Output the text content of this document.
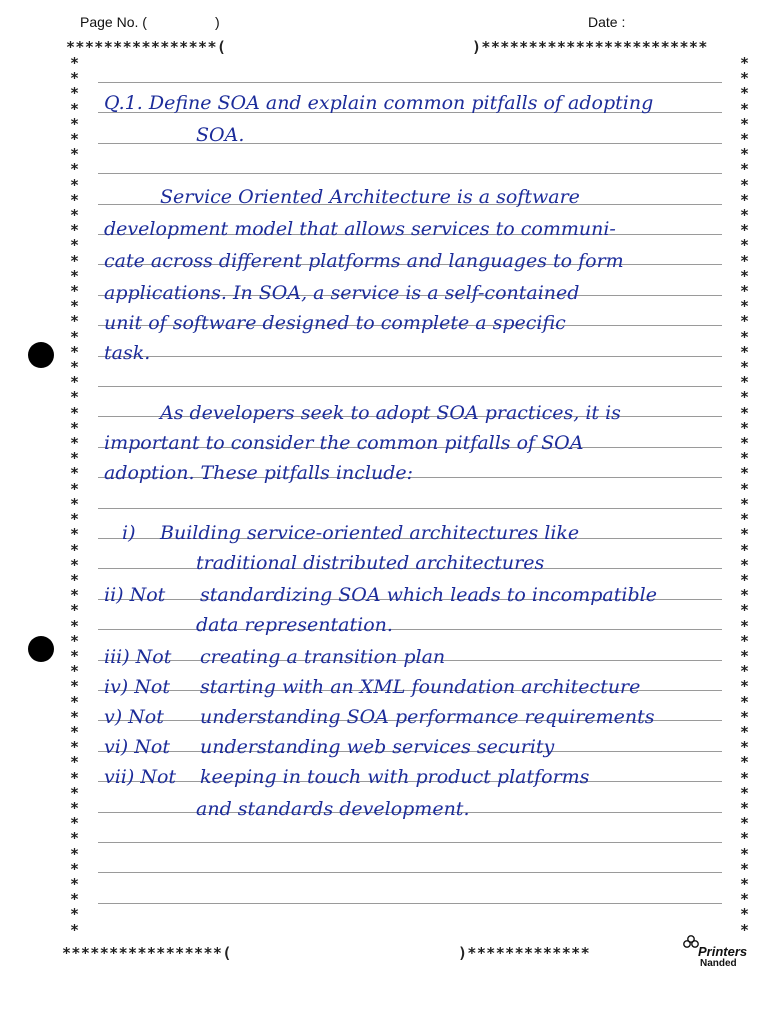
Page No. (	)	Date :
****************(	)************************
*****************(	)*************
*
*
*
*
*
*
*
*
*
*
*
*
*
*
*
*
*
*
*
*
*
*
*
*
*
*
*
*
*
*
*
*
*
*
*
*
*
*
*
*
*
*
*
*
*
*
*
*
*
*
*
*
*
*
*
*
*
*
*
*
*
*
*
*
*
*
*
*
*
*
*
*
*
*
*
*
*
*
*
*
*
*
*
*
*
*
*
*
*
*
*
*
*
*
*
*
*
*
*
*
*
*
*
*
*
*
*
*
*
*
*
*
*
*
*
*
Q.1. Define SOA and explain common pitfalls of adopting
SOA.
Service Oriented Architecture is a software
development model that allows services to communi-
cate across different platforms and languages to form
applications. In SOA, a service is a self-contained
unit of software designed to complete a specific
task.
As developers seek to adopt SOA practices, it is
important to consider the common pitfalls of SOA
adoption. These pitfalls include:
i) Building service-oriented architectures like
traditional distributed architectures
ii) Not standardizing SOA which leads to incompatible
data representation.
iii) Not creating a transition plan
iv) Not starting with an XML foundation architecture
v) Not understanding SOA performance requirements
vi) Not understanding web services security
vii) Not keeping in touch with product platforms
and standards development.
Printers
Nanded
